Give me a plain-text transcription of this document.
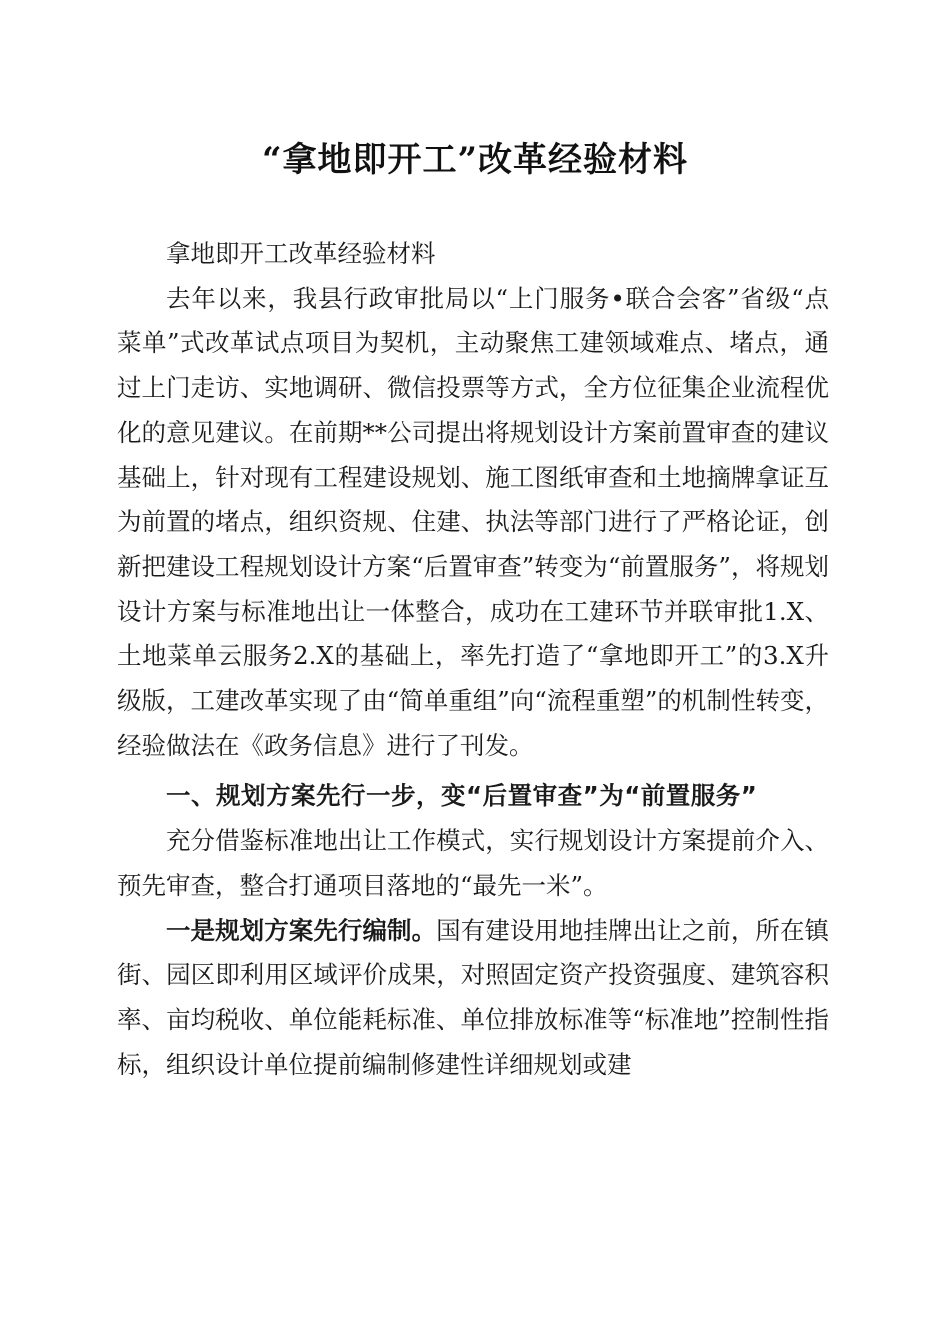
“拿地即开工”改革经验材料

拿地即开工改革经验材料

去年以来，我县行政审批局以“上门服务•联合会客”省级“点菜单”式改革试点项目为契机，主动聚焦工建领域难点、堵点，通过上门走访、实地调研、微信投票等方式，全方位征集企业流程优化的意见建议。在前期**公司提出将规划设计方案前置审查的建议基础上，针对现有工程建设规划、施工图纸审查和土地摘牌拿证互为前置的堵点，组织资规、住建、执法等部门进行了严格论证，创新把建设工程规划设计方案“后置审查”转变为“前置服务”，将规划设计方案与标准地出让一体整合，成功在工建环节并联审批1.X、土地菜单云服务2.X的基础上，率先打造了“拿地即开工”的3.X升级版，工建改革实现了由“简单重组”向“流程重塑”的机制性转变，经验做法在《政务信息》进行了刊发。

一、规划方案先行一步，变“后置审查”为“前置服务”

充分借鉴标准地出让工作模式，实行规划设计方案提前介入、预先审查，整合打通项目落地的“最先一米”。

一是规划方案先行编制。国有建设用地挂牌出让之前，所在镇街、园区即利用区域评价成果，对照固定资产投资强度、建筑容积率、亩均税收、单位能耗标准、单位排放标准等“标准地”控制性指标，组织设计单位提前编制修建性详细规划或建
